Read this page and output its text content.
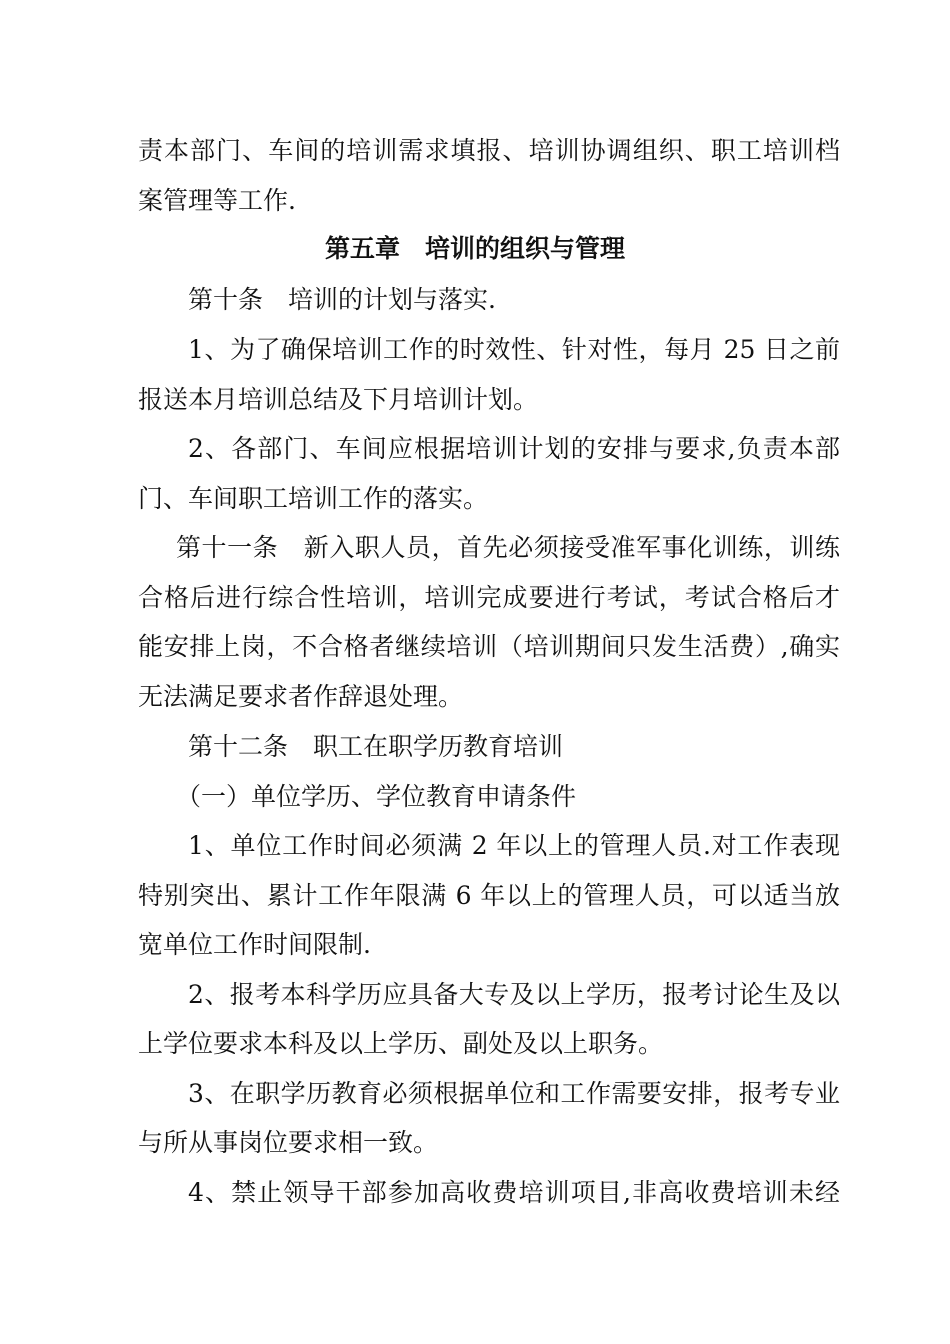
责本部门、车间的培训需求填报、培训协调组织、职工培训档
案管理等工作.
第五章　培训的组织与管理
第十条　培训的计划与落实.
1、为了确保培训工作的时效性、针对性，每月 25 日之前
报送本月培训总结及下月培训计划。
2、各部门、车间应根据培训计划的安排与要求,负责本部
门、车间职工培训工作的落实。
第十一条　新入职人员，首先必须接受准军事化训练，训练
合格后进行综合性培训，培训完成要进行考试，考试合格后才
能安排上岗，不合格者继续培训（培训期间只发生活费）,确实
无法满足要求者作辞退处理。
第十二条　职工在职学历教育培训
（一）单位学历、学位教育申请条件
1、单位工作时间必须满 2 年以上的管理人员.对工作表现
特别突出、累计工作年限满 6 年以上的管理人员，可以适当放
宽单位工作时间限制.
2、报考本科学历应具备大专及以上学历，报考讨论生及以
上学位要求本科及以上学历、副处及以上职务。
3、在职学历教育必须根据单位和工作需要安排，报考专业
与所从事岗位要求相一致。
4、禁止领导干部参加高收费培训项目,非高收费培训未经
